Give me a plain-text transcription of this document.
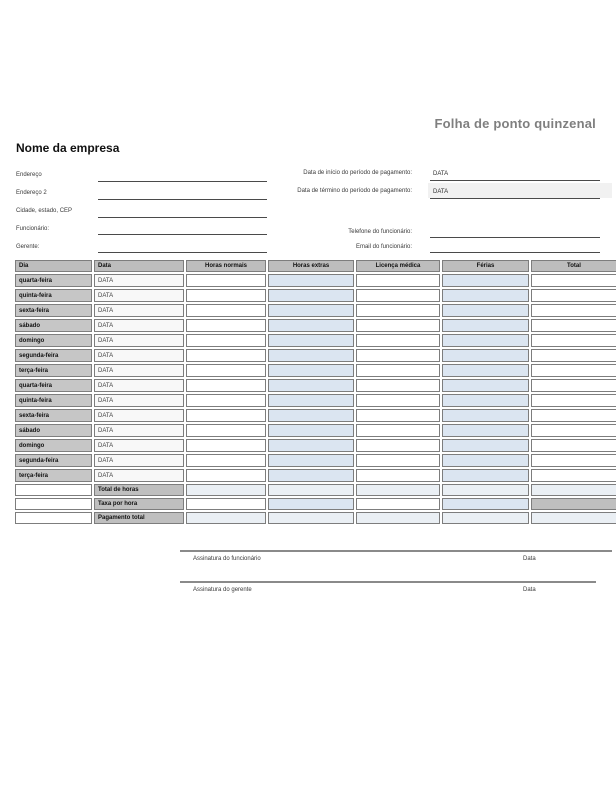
Folha de ponto quinzenal
Nome da empresa
Endereço
Endereço 2
Cidade, estado, CEP
Funcionário:
Gerente:
Data de início do período de pagamento:	DATA
Data de término do período de pagamento:	DATA
Telefone do funcionário:
Email do funcionário:
Dia	Data	Horas normais	Horas extras	Licença médica	Férias	Total
quarta-feira	DATA					
quinta-feira	DATA					
sexta-feira	DATA					
sábado	DATA					
domingo	DATA					
segunda-feira	DATA					
terça-feira	DATA					
quarta-feira	DATA					
quinta-feira	DATA					
sexta-feira	DATA					
sábado	DATA					
domingo	DATA					
segunda-feira	DATA					
terça-feira	DATA					
	Total de horas					
	Taxa por hora					
	Pagamento total					
Assinatura do funcionário	Data
Assinatura do gerente	Data
